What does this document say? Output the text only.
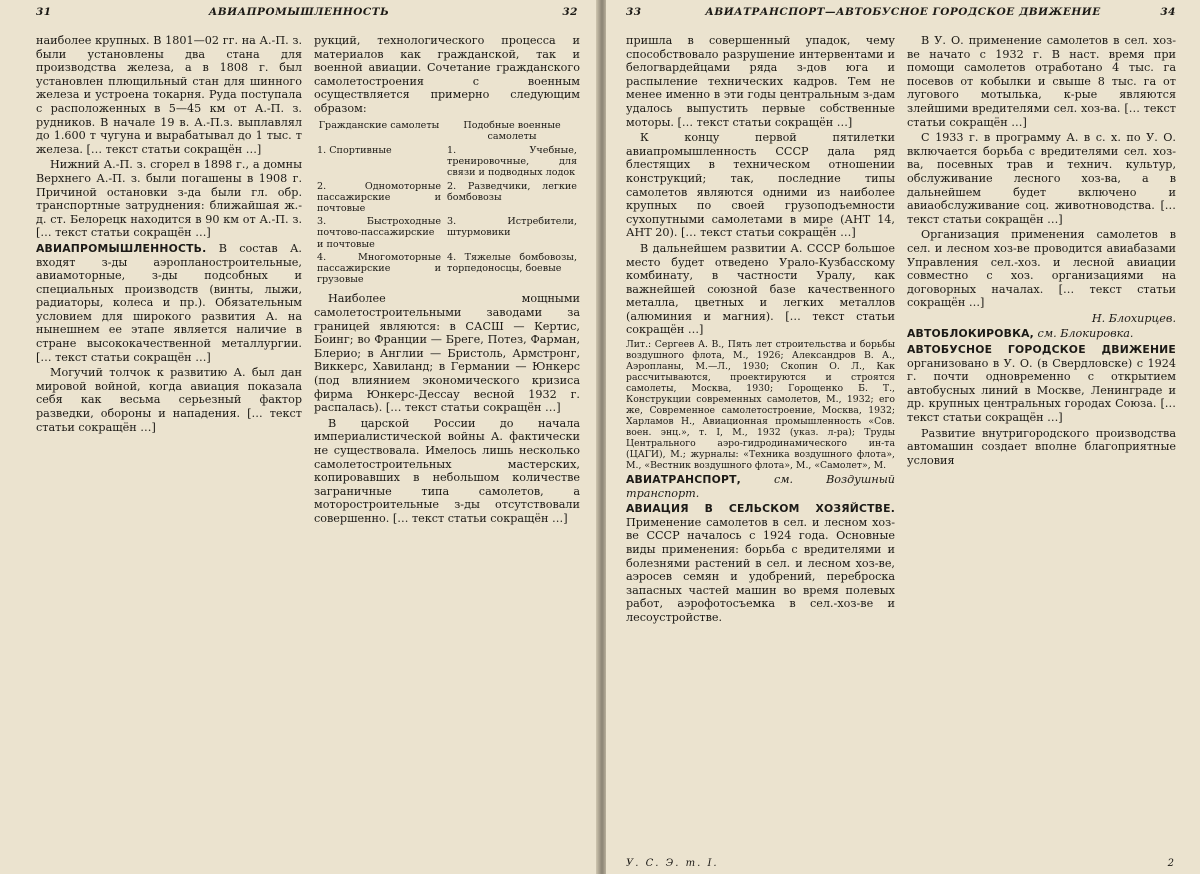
31	АВИАПРОМЫШЛЕННОСТЬ	32

наиболее крупных. В 1801—02 гг. на А.-П. з. были установлены два стана для производства железа, а в 1808 г. был установлен плющильный стан для шинного железа и устроена токарня. Руда поступала с расположенных в 5—45 км от А.-П. з. рудников. В начале 19 в. А.-П.з. выплавлял до 1.600 т чугуна и вырабатывал до 1 тыс. т железа. [… текст статьи сокращён …]

Нижний А.-П. з. сгорел в 1898 г., а домны Верхнего А.-П. з. были погашены в 1908 г. Причиной остановки з-да были гл. обр. транспортные затруднения: ближайшая ж.-д. ст. Белорецк находится в 90 км от А.-П. з. [… текст статьи сокращён …]

АВИАПРОМЫШЛЕННОСТЬ. В состав А. входят з-ды аэропланостроительные, авиамоторные, з-ды подсобных и специальных производств (винты, лыжи, радиаторы, колеса и пр.). Обязательным условием для широкого развития А. на нынешнем ее этапе является наличие в стране высококачественной металлургии. [… текст статьи сокращён …]

Могучий толчок к развитию А. был дан мировой войной, когда авиация показала себя как весьма серьезный фактор разведки, обороны и нападения. [… текст статьи сокращён …]

рукций, технологического процесса и материалов как гражданской, так и военной авиации. Сочетание гражданского самолетостроения с военным осуществляется примерно следующим образом:

Гражданские самолеты	Подобные военные самолеты
1. Спортивные	1. Учебные, тренировочные, для связи и подводных лодок
2. Одномоторные пассажирские и почтовые	2. Разведчики, легкие бомбовозы
3. Быстроходные почтово-пассажирские и почтовые	3. Истребители, штурмовики
4. Многомоторные пассажирские и грузовые	4. Тяжелые бомбовозы, торпедоносцы, боевые

Наиболее мощными самолетостроительными заводами за границей являются: в САСШ — Кертис, Боинг; во Франции — Бреге, Потез, Фарман, Блерио; в Англии — Бристоль, Армстронг, Виккерс, Хавиланд; в Германии — Юнкерс (под влиянием экономического кризиса фирма Юнкерс-Дессау весной 1932 г. распалась). [… текст статьи сокращён …]

В царской России до начала империалистической войны А. фактически не существовала. Имелось лишь несколько самолетостроительных мастерских, копировавших в небольшом количестве заграничные типа самолетов, а моторостроительные з-ды отсутствовали совершенно. [… текст статьи сокращён …]

33	АВИАТРАНСПОРТ—АВТОБУСНОЕ ГОРОДСКОЕ ДВИЖЕНИЕ	34

пришла в совершенный упадок, чему способствовало разрушение интервентами и белогвардейцами ряда з-дов юга и распыление технических кадров. Тем не менее именно в эти годы центральным з-дам удалось выпустить первые собственные моторы. [… текст статьи сокращён …]

К концу первой пятилетки авиапромышленность СССР дала ряд блестящих в техническом отношении конструкций; так, последние типы самолетов являются одними из наиболее крупных по своей грузоподъемности сухопутными самолетами в мире (АНТ 14, АНТ 20). [… текст статьи сокращён …]

В дальнейшем развитии А. СССР большое место будет отведено Урало-Кузбасскому комбинату, в частности Уралу, как важнейшей союзной базе качественного металла, цветных и легких металлов (алюминия и магния). [… текст статьи сокращён …]

Лит.: Сергеев А. В., Пять лет строительства и борьбы воздушного флота, М., 1926; Александров В. А., Аэропланы, М.—Л., 1930; Скопин О. Л., Как рассчитываются, проектируются и строятся самолеты, Москва, 1930; Горощенко Б. Т., Конструкции современных самолетов, М., 1932; его же, Современное самолетостроение, Москва, 1932; Харламов Н., Авиационная промышленность «Сов. воен. энц.», т. I, М., 1932 (указ. л-ра); Труды Центрального аэро-гидродинамического ин-та (ЦАГИ), М.; журналы: «Техника воздушного флота», М., «Вестник воздушного флота», М., «Самолет», М.

АВИАТРАНСПОРТ,	см. Воздушный транспорт.

АВИАЦИЯ В СЕЛЬСКОМ ХОЗЯЙСТВЕ. Применение самолетов в сел. и лесном хоз-ве СССР началось с 1924 года. Основные виды применения: борьба с вредителями и болезнями растений в сел. и лесном хоз-ве, аэросев семян и удобрений, переброска запасных частей машин во время полевых работ, аэрофотосъемка в сел.-хоз-ве и лесоустройстве.

В У. О. применение самолетов в сел. хоз-ве начато с 1932 г. В наст. время при помощи самолетов отработано 4 тыс. га посевов от кобылки и свыше 8 тыс. га от лугового мотылька, к-рые являются злейшими вредителями сел. хоз-ва. [… текст статьи сокращён …]

С 1933 г. в программу А. в с. х. по У. О. включается борьба с вредителями сел. хоз-ва, посевных трав и технич. культур, обслуживание лесного хоз-ва, а в дальнейшем будет включено и авиаобслуживание соц. животноводства. [… текст статьи сокращён …]

Организация применения самолетов в сел. и лесном хоз-ве проводится авиабазами Управления сел.-хоз. и лесной авиации совместно с хоз. организациями на договорных началах. [… текст статьи сокращён …]

Н. Блохирцев.

АВТОБЛОКИРОВКА, см. Блокировка.

АВТОБУСНОЕ ГОРОДСКОЕ ДВИЖЕНИЕ организовано в У. О. (в Свердловске) с 1924 г. почти одновременно с открытием автобусных линий в Москве, Ленинграде и др. крупных центральных городах Союза. [… текст статьи сокращён …]

Развитие внутригородского производства автомашин создает вполне благоприятные условия

У. С. Э. т. I.	2
